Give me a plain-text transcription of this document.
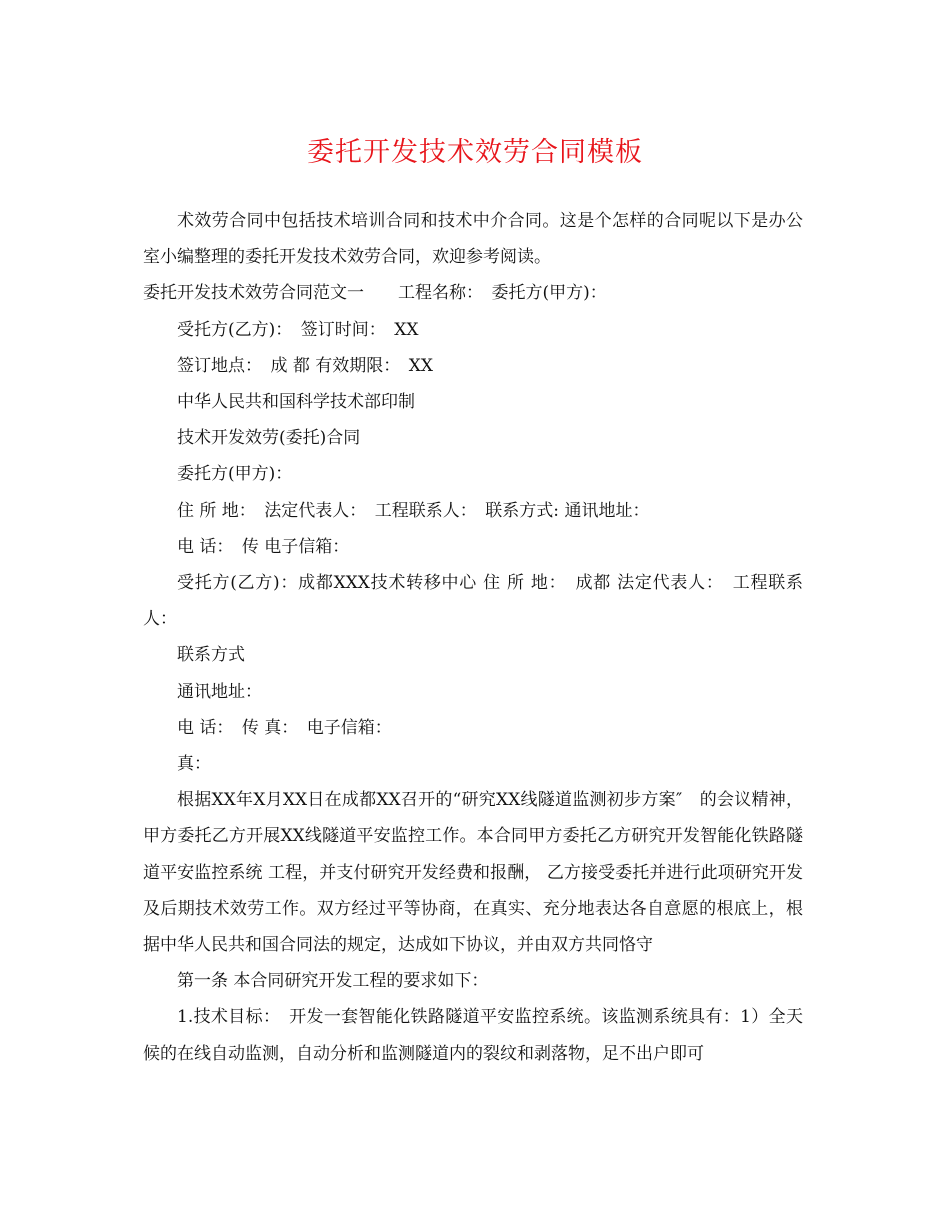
委托开发技术效劳合同模板

术效劳合同中包括技术培训合同和技术中介合同。这是个怎样的合同呢以下是办公室小编整理的委托开发技术效劳合同，欢迎参考阅读。

委托开发技术效劳合同范文一　　工程名称：　委托方(甲方)：

受托方(乙方)：　签订时间：　XX

签订地点：　成 都 有效期限：　XX

中华人民共和国科学技术部印制

技术开发效劳(委托)合同

委托方(甲方)：

住 所 地：　法定代表人：　工程联系人：　联系方式: 通讯地址：

电 话：　传 电子信箱：

受托方(乙方)：成都XXX技术转移中心 住 所 地：　成都 法定代表人：　工程联系人：

联系方式

通讯地址：

电 话：　传 真：　电子信箱：

真：

根据XX年X月XX日在成都XX召开的“研究XX线隧道监测初步方案″　的会议精神，甲方委托乙方开展XX线隧道平安监控工作。本合同甲方委托乙方研究开发智能化铁路隧道平安监控系统 工程，并支付研究开发经费和报酬， 乙方接受委托并进行此项研究开发及后期技术效劳工作。双方经过平等协商，在真实、充分地表达各自意愿的根底上，根据中华人民共和国合同法的规定，达成如下协议，并由双方共同恪守

第一条 本合同研究开发工程的要求如下：

1.技术目标：　开发一套智能化铁路隧道平安监控系统。该监测系统具有：1）全天候的在线自动监测，自动分析和监测隧道内的裂纹和剥落物，足不出户即可
